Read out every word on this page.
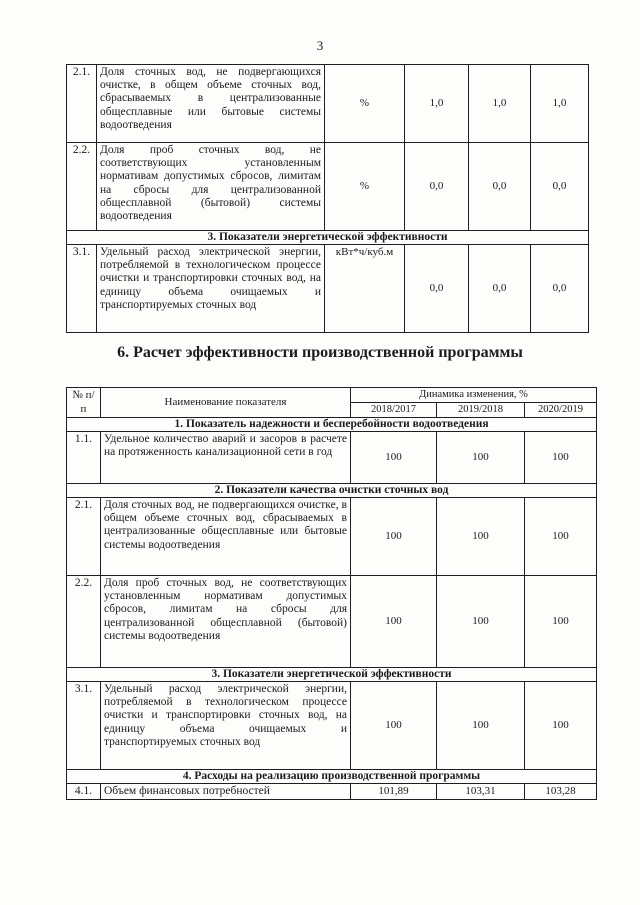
3
2.1.	Доля сточных вод, не подвергающихся очистке, в общем объеме сточных вод, сбрасываемых в централизованные общесплавные или бытовые системы водоотведения	%	1,0	1,0	1,0
2.2.	Доля проб сточных вод, не соответствующих установленным нормативам допустимых сбросов, лимитам на сбросы для централизованной общесплавной (бытовой) системы водоотведения	%	0,0	0,0	0,0
3. Показатели энергетической эффективности					
3.1.	Удельный расход электрической энергии, потребляемой в технологическом процессе очистки и транспортировки сточных вод, на единицу объема очищаемых и транспортируемых сточных вод	кВт*ч/куб.м	0,0	0,0	0,0
6. Расчет эффективности производственной программы
№ п/п	Наименование показателя	Динамика изменения, %		
		2018/2017	2019/2018	2020/2019
1. Показатель надежности и бесперебойности водоотведения				
1.1.	Удельное количество аварий и засоров в расчете на протяженность канализационной сети в год	100	100	100
2. Показатели качества очистки сточных вод				
2.1.	Доля сточных вод, не подвергающихся очистке, в общем объеме сточных вод, сбрасываемых в централизованные общесплавные или бытовые системы водоотведения	100	100	100
2.2.	Доля проб сточных вод, не соответствующих установленным нормативам допустимых сбросов, лимитам на сбросы для централизованной общесплавной (бытовой) системы водоотведения	100	100	100
3. Показатели энергетической эффективности				
3.1.	Удельный расход электрической энергии, потребляемой в технологическом процессе очистки и транспортировки сточных вод, на единицу объема очищаемых и транспортируемых сточных вод	100	100	100
4. Расходы на реализацию производственной программы				
4.1.	Объем финансовых потребностей	101,89	103,31	103,28
